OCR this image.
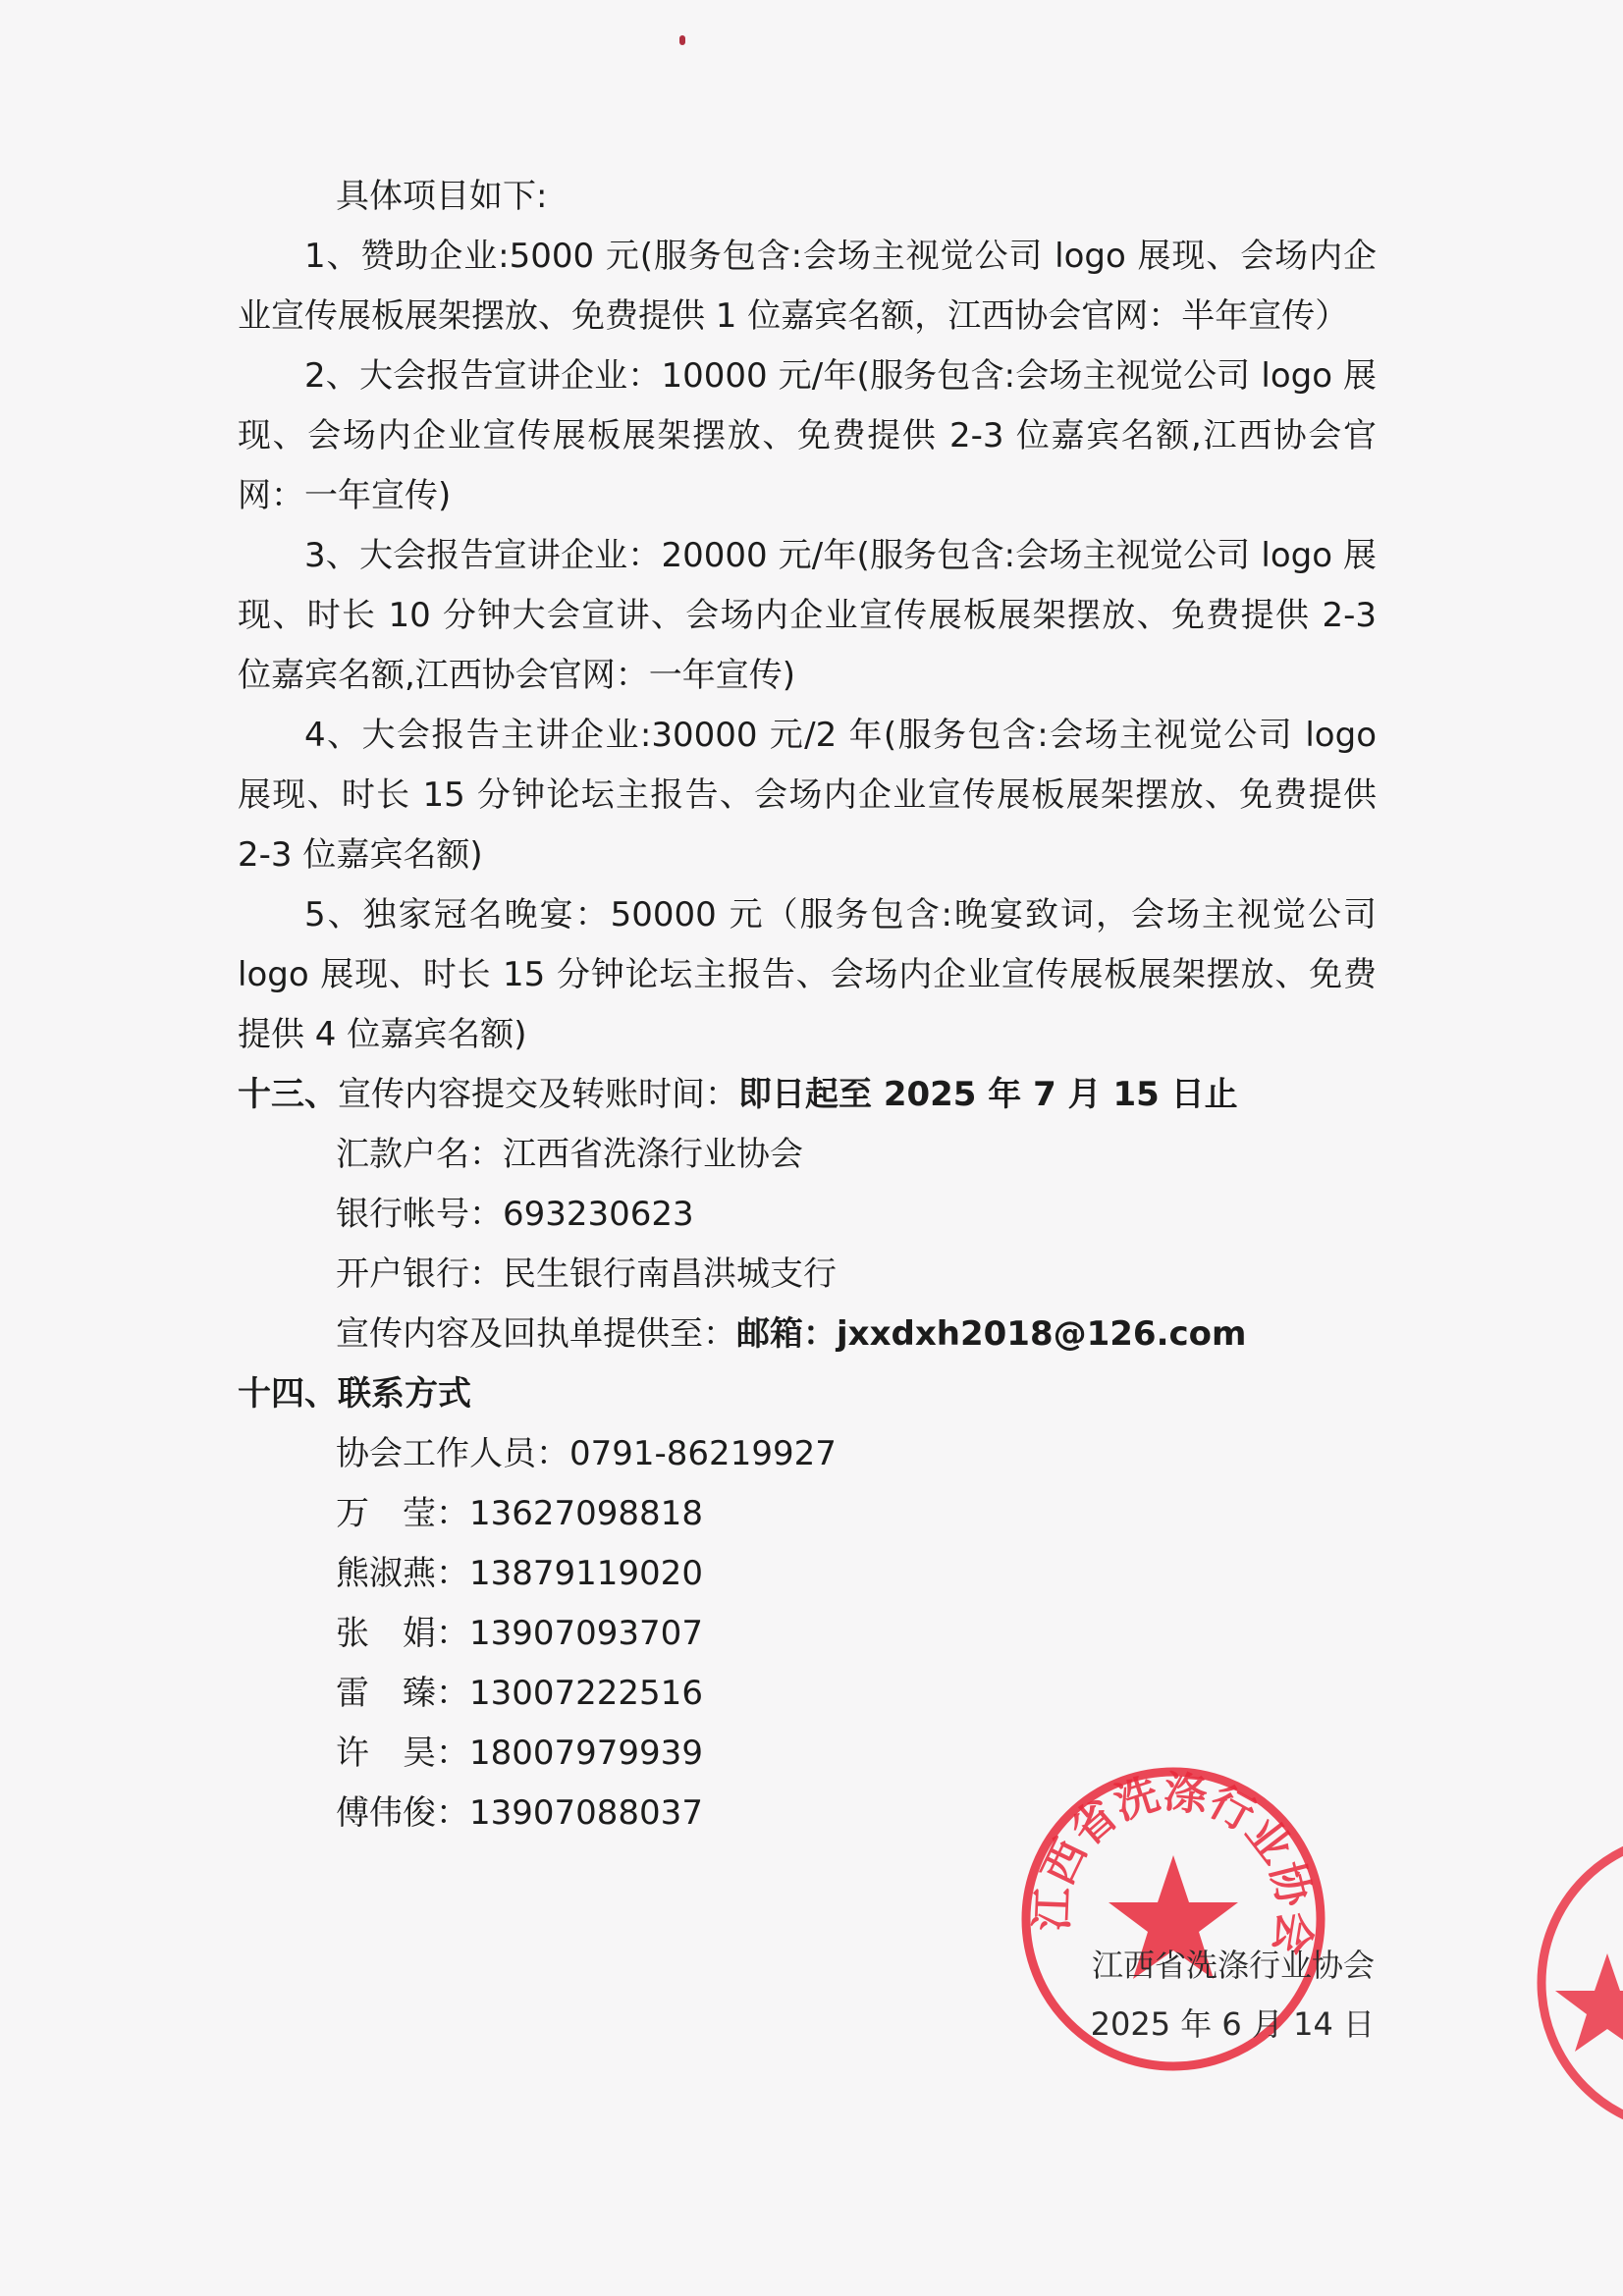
具体项目如下:
1、赞助企业:5000 元(服务包含:会场主视觉公司 logo 展现、会场内企业宣传展板展架摆放、免费提供 1 位嘉宾名额，江西协会官网：半年宣传）
2、大会报告宣讲企业：10000 元/年(服务包含:会场主视觉公司 logo 展现、会场内企业宣传展板展架摆放、免费提供 2-3 位嘉宾名额,江西协会官网：一年宣传)
3、大会报告宣讲企业：20000 元/年(服务包含:会场主视觉公司 logo 展现、时长 10 分钟大会宣讲、会场内企业宣传展板展架摆放、免费提供 2-3 位嘉宾名额,江西协会官网：一年宣传)
4、大会报告主讲企业:30000 元/2 年(服务包含:会场主视觉公司 logo 展现、时长 15 分钟论坛主报告、会场内企业宣传展板展架摆放、免费提供 2-3 位嘉宾名额)
5、独家冠名晚宴：50000 元（服务包含:晚宴致词，会场主视觉公司 logo 展现、时长 15 分钟论坛主报告、会场内企业宣传展板展架摆放、免费提供 4 位嘉宾名额)
十三、宣传内容提交及转账时间：即日起至 2025 年 7 月 15 日止
汇款户名：江西省洗涤行业协会
银行帐号：693230623
开户银行：民生银行南昌洪城支行
宣传内容及回执单提供至：邮箱：jxxdxh2018@126.com
十四、联系方式
协会工作人员：0791-86219927
万　莹：13627098818
熊淑燕：13879119020
张　娟：13907093707
雷　臻：13007222516
许　昊：18007979939
傅伟俊：13907088037
江西省洗涤行业协会
江西省洗涤行业协会
2025 年 6 月 14 日
